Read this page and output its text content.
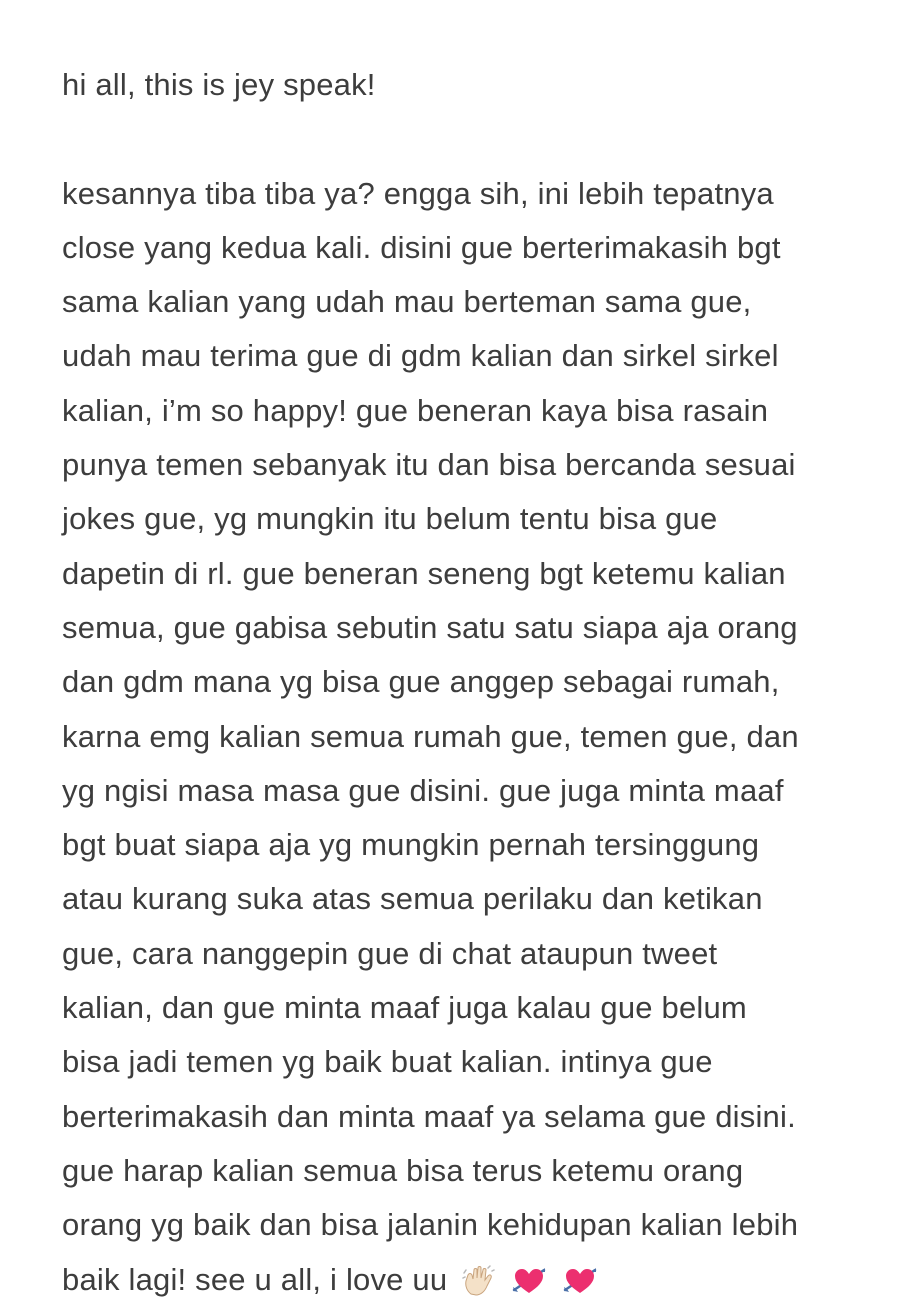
hi all, this is jey speak!
kesannya tiba tiba ya? engga sih, ini lebih tepatnya
close yang kedua kali. disini gue berterimakasih bgt
sama kalian yang udah mau berteman sama gue,
udah mau terima gue di gdm kalian dan sirkel sirkel
kalian, i’m so happy! gue beneran kaya bisa rasain
punya temen sebanyak itu dan bisa bercanda sesuai
jokes gue, yg mungkin itu belum tentu bisa gue
dapetin di rl. gue beneran seneng bgt ketemu kalian
semua, gue gabisa sebutin satu satu siapa aja orang
dan gdm mana yg bisa gue anggep sebagai rumah,
karna emg kalian semua rumah gue, temen gue, dan
yg ngisi masa masa gue disini. gue juga minta maaf
bgt buat siapa aja yg mungkin pernah tersinggung
atau kurang suka atas semua perilaku dan ketikan
gue, cara nanggepin gue di chat ataupun tweet
kalian, dan gue minta maaf juga kalau gue belum
bisa jadi temen yg baik buat kalian. intinya gue
berterimakasih dan minta maaf ya selama gue disini.
gue harap kalian semua bisa terus ketemu orang
orang yg baik dan bisa jalanin kehidupan kalian lebih
baik lagi! see u all, i love uu
